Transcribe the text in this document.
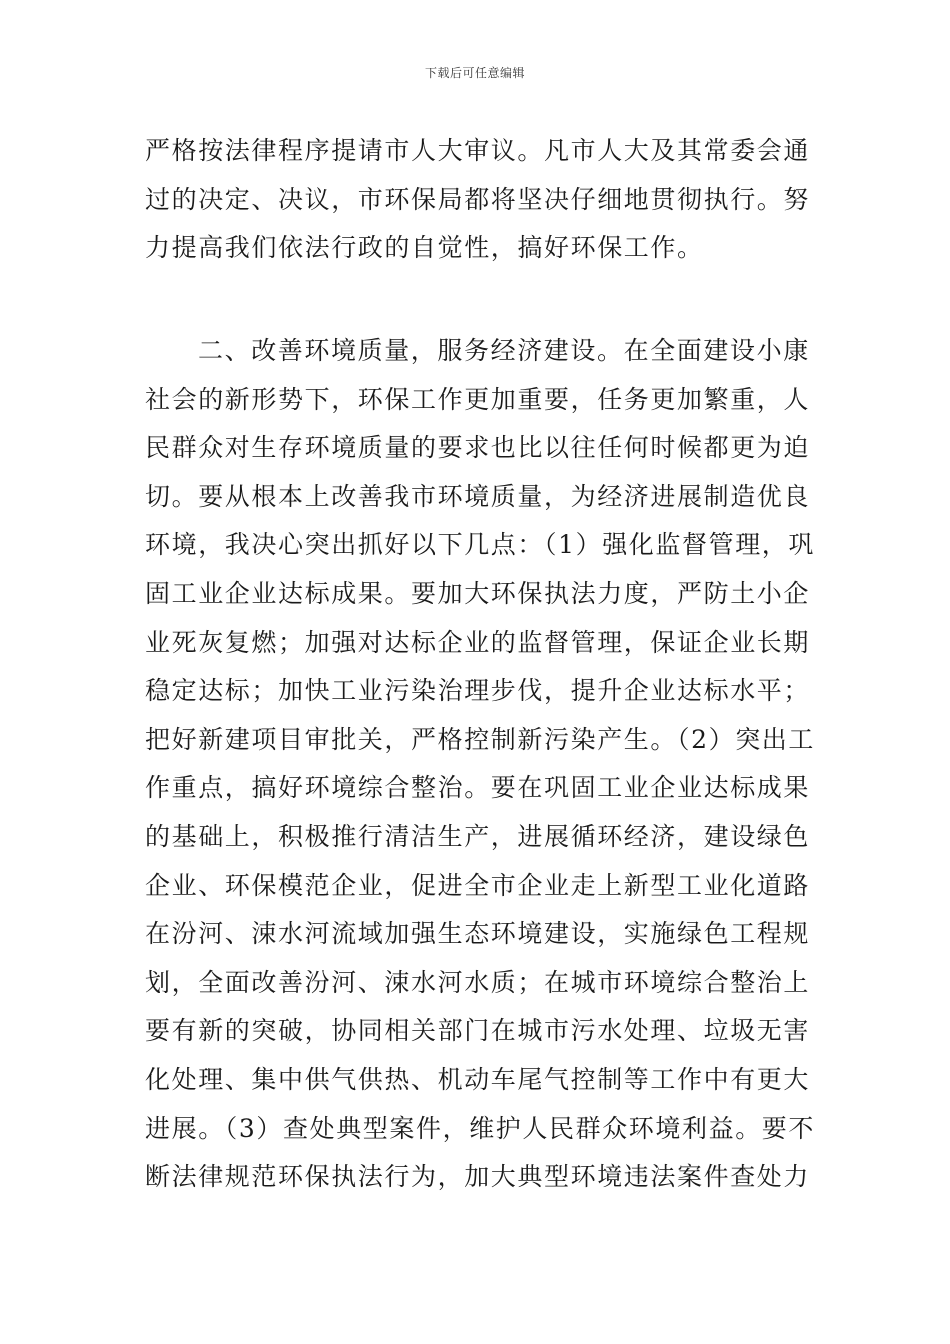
下载后可任意编辑
严格按法律程序提请市人大审议。凡市人大及其常委会通
过的决定、决议，市环保局都将坚决仔细地贯彻执行。努
力提高我们依法行政的自觉性，搞好环保工作。
二、改善环境质量，服务经济建设。在全面建设小康
社会的新形势下，环保工作更加重要，任务更加繁重，人
民群众对生存环境质量的要求也比以往任何时候都更为迫
切。要从根本上改善我市环境质量，为经济进展制造优良
环境，我决心突出抓好以下几点：（1）强化监督管理，巩
固工业企业达标成果。要加大环保执法力度，严防土小企
业死灰复燃；加强对达标企业的监督管理，保证企业长期
稳定达标；加快工业污染治理步伐，提升企业达标水平；
把好新建项目审批关，严格控制新污染产生。（2）突出工
作重点，搞好环境综合整治。要在巩固工业企业达标成果
的基础上，积极推行清洁生产，进展循环经济，建设绿色
企业、环保模范企业，促进全市企业走上新型工业化道路
在汾河、涑水河流域加强生态环境建设，实施绿色工程规
划，全面改善汾河、涑水河水质；在城市环境综合整治上
要有新的突破，协同相关部门在城市污水处理、垃圾无害
化处理、集中供气供热、机动车尾气控制等工作中有更大
进展。（3）查处典型案件，维护人民群众环境利益。要不
断法律规范环保执法行为，加大典型环境违法案件查处力
